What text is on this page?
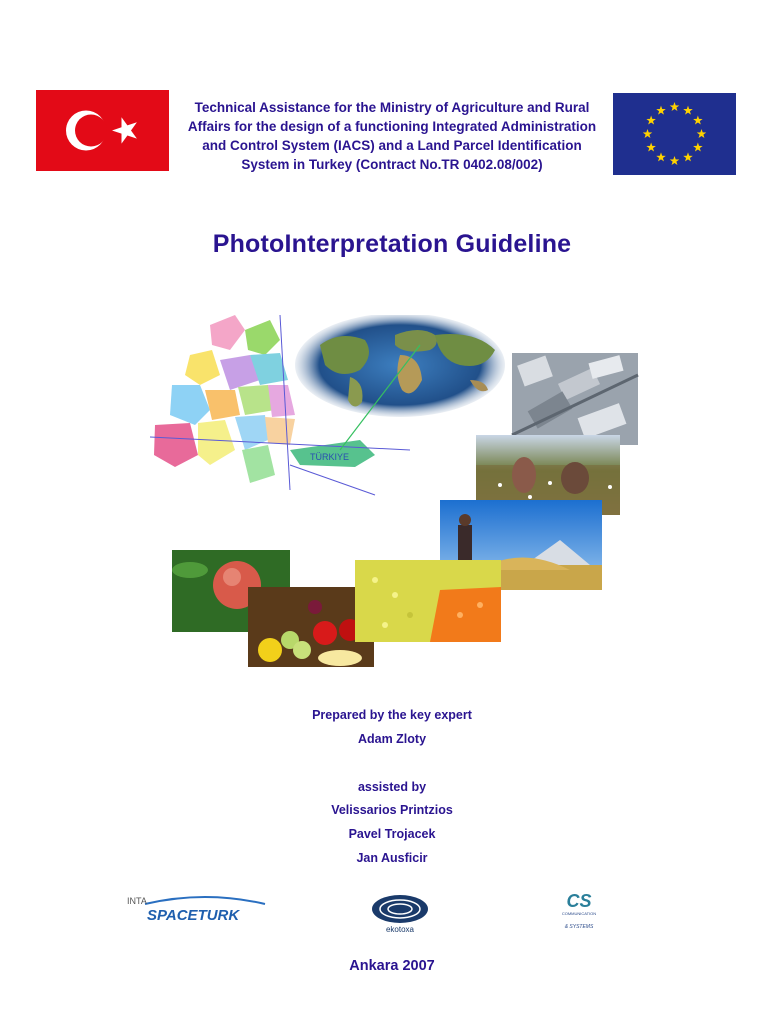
Technical Assistance for the Ministry of Agriculture and Rural
Affairs for the design of a functioning Integrated Administration
and Control System (IACS) and a Land Parcel Identification
System in Turkey (Contract No.TR 0402.08/002)
PhotoInterpretation Guideline
TÜRKIYE
Prepared by the key expert
Adam Zloty
assisted by
Velissarios Printzios
Pavel Trojacek
Jan Ausficir
INTA
SPACETURK
ekotoxa
CS
COMMUNICATION
& SYSTEMS
Ankara 2007
